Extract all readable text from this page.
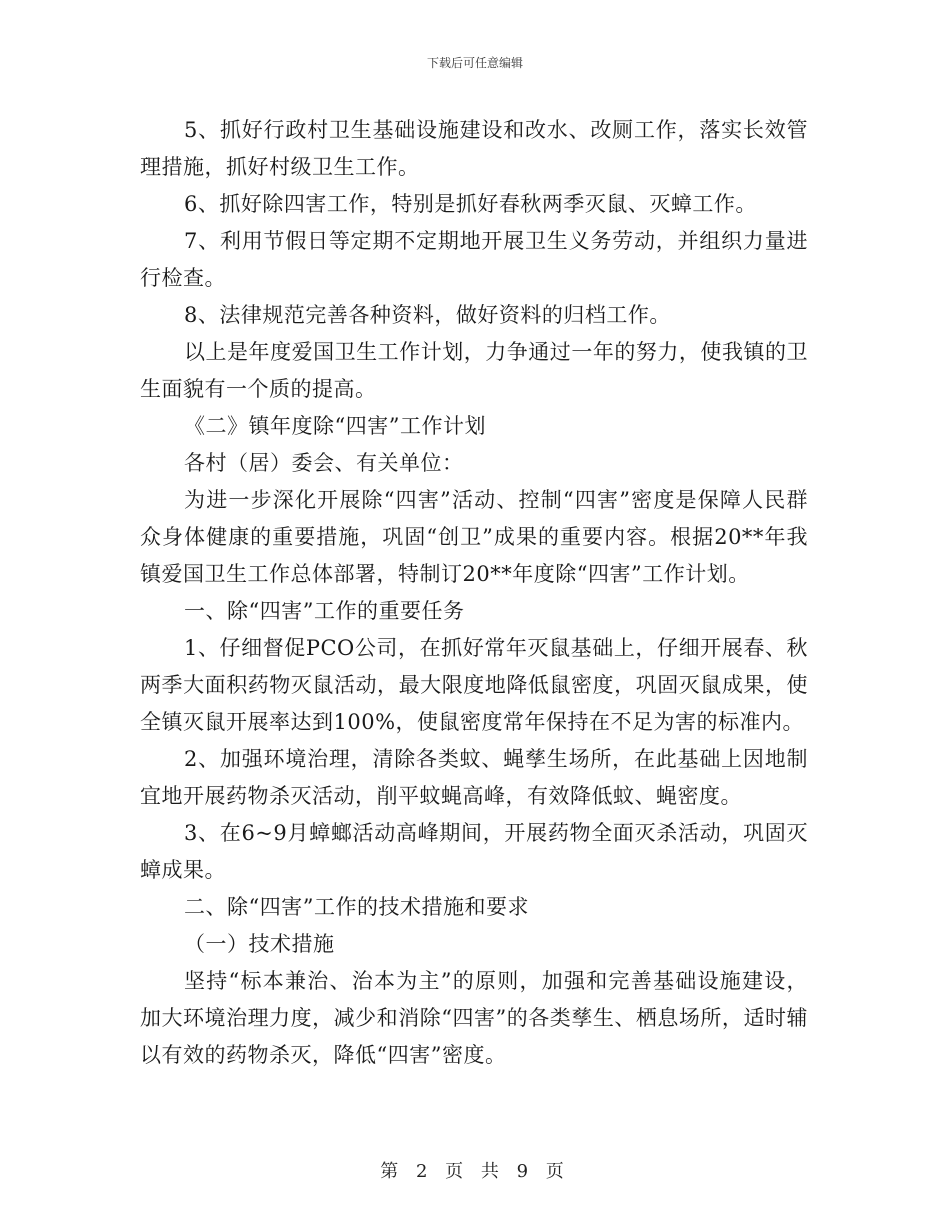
下载后可任意编辑

5、抓好行政村卫生基础设施建设和改水、改厕工作，落实长效管理措施，抓好村级卫生工作。

6、抓好除四害工作，特别是抓好春秋两季灭鼠、灭蟑工作。

7、利用节假日等定期不定期地开展卫生义务劳动，并组织力量进行检查。

8、法律规范完善各种资料，做好资料的归档工作。

以上是年度爱国卫生工作计划，力争通过一年的努力，使我镇的卫生面貌有一个质的提高。

《二》镇年度除“四害”工作计划

各村（居）委会、有关单位：

为进一步深化开展除“四害”活动、控制“四害”密度是保障人民群众身体健康的重要措施，巩固“创卫”成果的重要内容。根据20**年我镇爱国卫生工作总体部署，特制订20**年度除“四害”工作计划。

一、除“四害”工作的重要任务

1、仔细督促PCO公司，在抓好常年灭鼠基础上，仔细开展春、秋两季大面积药物灭鼠活动，最大限度地降低鼠密度，巩固灭鼠成果，使全镇灭鼠开展率达到100%，使鼠密度常年保持在不足为害的标准内。

2、加强环境治理，清除各类蚊、蝇孳生场所，在此基础上因地制宜地开展药物杀灭活动，削平蚊蝇高峰，有效降低蚊、蝇密度。

3、在6~9月蟑螂活动高峰期间，开展药物全面灭杀活动，巩固灭蟑成果。

二、除“四害”工作的技术措施和要求

（一）技术措施

坚持“标本兼治、治本为主”的原则，加强和完善基础设施建设，加大环境治理力度，减少和消除“四害”的各类孳生、栖息场所，适时辅以有效的药物杀灭，降低“四害”密度。

第 2 页 共 9 页
